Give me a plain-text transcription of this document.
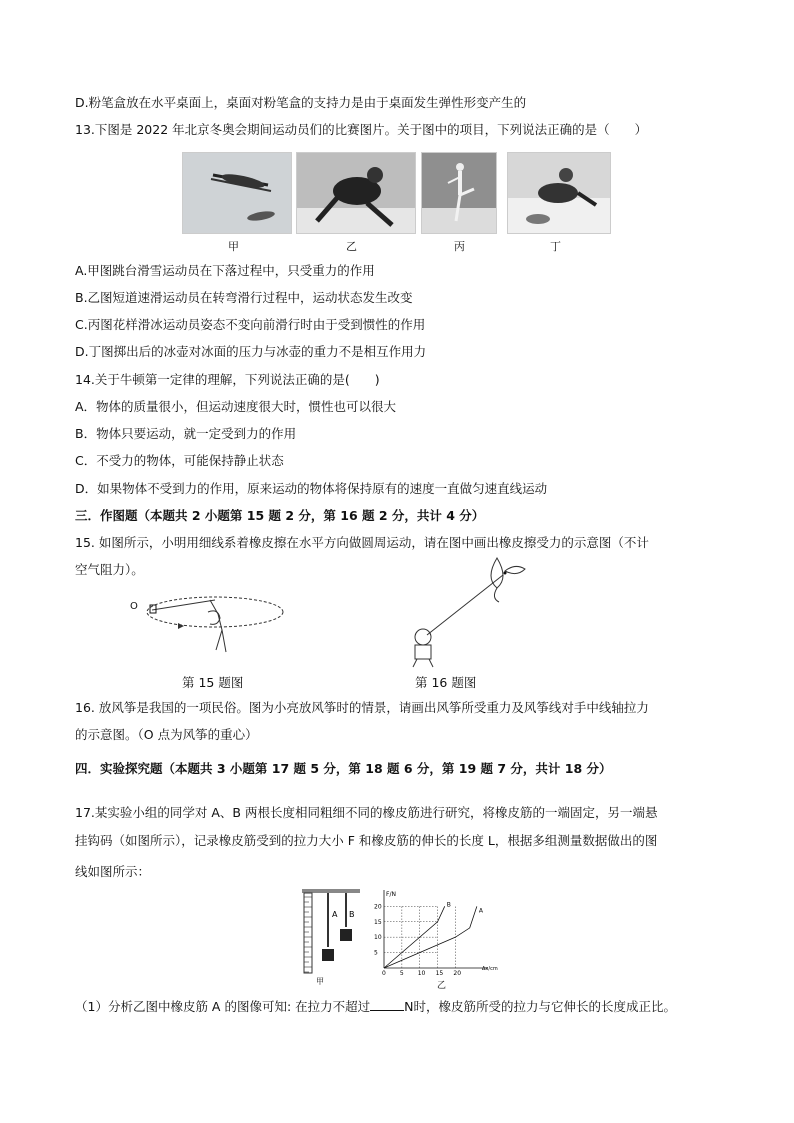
D.粉笔盒放在水平桌面上，桌面对粉笔盒的支持力是由于桌面发生弹性形变产生的
13.下图是 2022 年北京冬奥会期间运动员们的比赛图片。关于图中的项目，下列说法正确的是（　　）
甲	乙	丙	丁
A.甲图跳台滑雪运动员在下落过程中，只受重力的作用
B.乙图短道速滑运动员在转弯滑行过程中，运动状态发生改变
C.丙图花样滑冰运动员姿态不变向前滑行时由于受到惯性的作用
D.丁图掷出后的冰壶对冰面的压力与冰壶的重力不是相互作用力
14.关于牛顿第一定律的理解，下列说法正确的是(　　)
A．物体的质量很小，但运动速度很大时，惯性也可以很大
B．物体只要运动，就一定受到力的作用
C．不受力的物体，可能保持静止状态
D．如果物体不受到力的作用，原来运动的物体将保持原有的速度一直做匀速直线运动
三．作图题（本题共 2 小题第 15 题 2 分，第 16 题 2 分，共计 4 分）
15. 如图所示，小明用细线系着橡皮擦在水平方向做圆周运动，请在图中画出橡皮擦受力的示意图（不计
空气阻力）。
O
第 15 题图	第 16 题图
16. 放风筝是我国的一项民俗。图为小亮放风筝时的情景，请画出风筝所受重力及风筝线对手中线轴拉力
的示意图。（O 点为风筝的重心）
四．实验探究题（本题共 3 小题第 17 题 5 分，第 18 题 6 分，第 19 题 7 分，共计 18 分）
17.某实验小组的同学对 A、B 两根长度相同粗细不同的橡皮筋进行研究，将橡皮筋的一端固定，另一端悬
挂钩码（如图所示），记录橡皮筋受到的拉力大小 F 和橡皮筋的伸长的长度 L，根据多组测量数据做出的图
线如图所示：
A B
甲
F/N
Δx/cm
0 5 10 15 20
5
10
15
20
A
B
乙
（1）分析乙图中橡皮筋 A 的图像可知: 在拉力不超过	N时，橡皮筋所受的拉力与它伸长的长度成正比。
